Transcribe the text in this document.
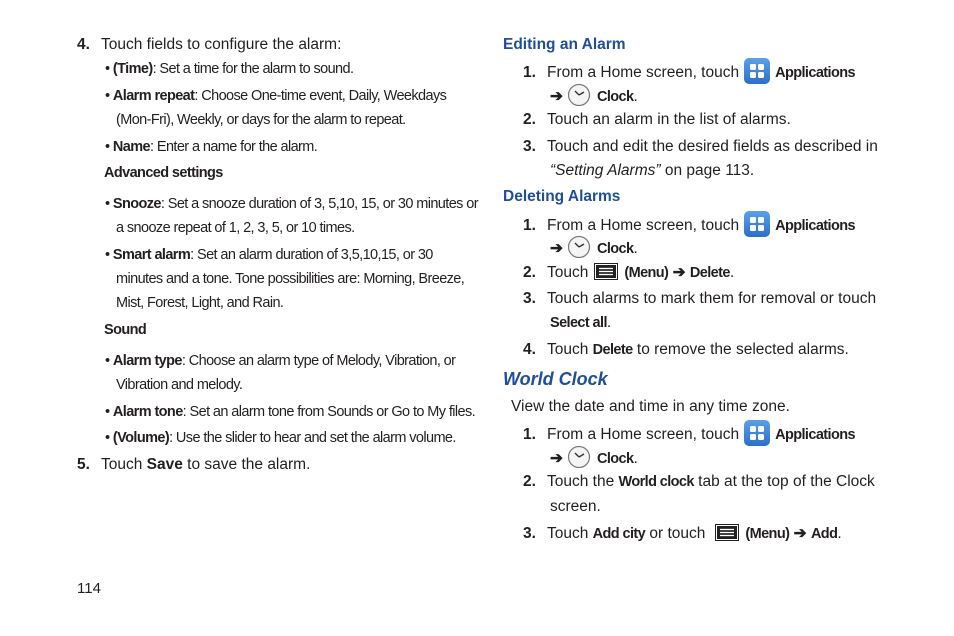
4. Touch fields to configure the alarm:
• (Time): Set a time for the alarm to sound.
• Alarm repeat: Choose One-time event, Daily, Weekdays
(Mon-Fri), Weekly, or days for the alarm to repeat.
• Name: Enter a name for the alarm.
Advanced settings
• Snooze: Set a snooze duration of 3, 5,10, 15, or 30 minutes or
a snooze repeat of 1, 2, 3, 5, or 10 times.
• Smart alarm: Set an alarm duration of 3,5,10,15, or 30
minutes and a tone. Tone possibilities are: Morning, Breeze,
Mist, Forest, Light, and Rain.
Sound
• Alarm type: Choose an alarm type of Melody, Vibration, or
Vibration and melody.
• Alarm tone: Set an alarm tone from Sounds or Go to My files.
• (Volume): Use the slider to hear and set the alarm volume.
5. Touch Save to save the alarm.
Editing an Alarm
1. From a Home screen, touch Applications
➔ Clock.
2. Touch an alarm in the list of alarms.
3. Touch and edit the desired fields as described in
“Setting Alarms” on page 113.
Deleting Alarms
1. From a Home screen, touch Applications
➔ Clock.
2. Touch (Menu) ➔ Delete.
3. Touch alarms to mark them for removal or touch
Select all.
4. Touch Delete to remove the selected alarms.
World Clock
View the date and time in any time zone.
1. From a Home screen, touch Applications
➔ Clock.
2. Touch the World clock tab at the top of the Clock
screen.
3. Touch Add city or touch	(Menu) ➔ Add.
114
